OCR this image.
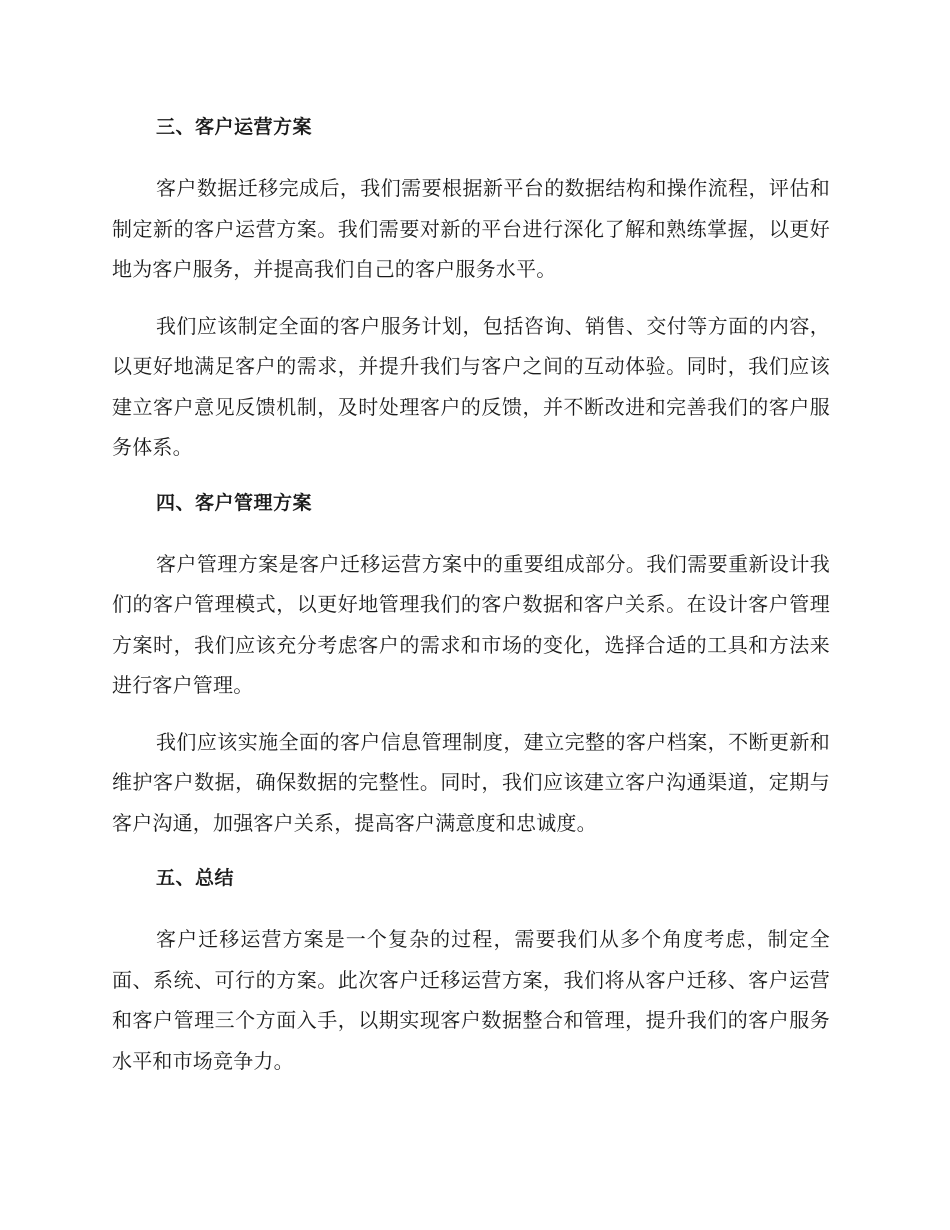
三、客户运营方案

客户数据迁移完成后，我们需要根据新平台的数据结构和操作流程，评估和制定新的客户运营方案。我们需要对新的平台进行深化了解和熟练掌握，以更好地为客户服务，并提高我们自己的客户服务水平。

我们应该制定全面的客户服务计划，包括咨询、销售、交付等方面的内容，以更好地满足客户的需求，并提升我们与客户之间的互动体验。同时，我们应该建立客户意见反馈机制，及时处理客户的反馈，并不断改进和完善我们的客户服务体系。

四、客户管理方案

客户管理方案是客户迁移运营方案中的重要组成部分。我们需要重新设计我们的客户管理模式，以更好地管理我们的客户数据和客户关系。在设计客户管理方案时，我们应该充分考虑客户的需求和市场的变化，选择合适的工具和方法来进行客户管理。

我们应该实施全面的客户信息管理制度，建立完整的客户档案，不断更新和维护客户数据，确保数据的完整性。同时，我们应该建立客户沟通渠道，定期与客户沟通，加强客户关系，提高客户满意度和忠诚度。

五、总结

客户迁移运营方案是一个复杂的过程，需要我们从多个角度考虑，制定全面、系统、可行的方案。此次客户迁移运营方案，我们将从客户迁移、客户运营和客户管理三个方面入手，以期实现客户数据整合和管理，提升我们的客户服务水平和市场竞争力。
